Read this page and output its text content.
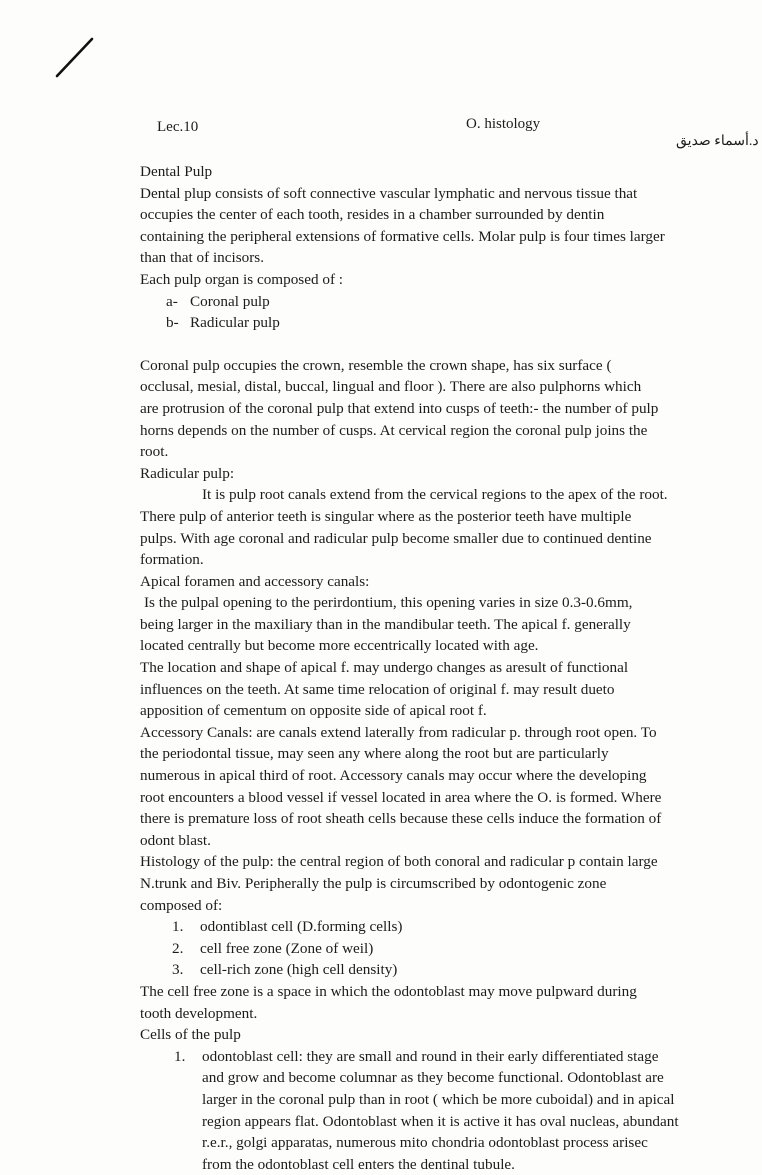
Lec.10	O. histology
د.أسماء صديق

Dental Pulp

Dental plup consists of soft connective vascular lymphatic and nervous tissue that

occupies the center of each tooth, resides in a chamber surrounded by dentin

containing the peripheral extensions of formative cells. Molar pulp is four times larger

than that of incisors.

Each pulp organ is composed of :

a- Coronal pulp
b- Radicular pulp

Coronal pulp occupies the crown, resemble the crown shape, has six surface (

occlusal, mesial, distal, buccal, lingual and floor ). There are also pulphorns which

are protrusion of the coronal pulp that extend into cusps of teeth:- the number of pulp

horns depends on the number of cusps. At cervical region the coronal pulp joins the

root.

Radicular pulp:

It is pulp root canals extend from the cervical regions to the apex of the root.

There pulp of anterior teeth is singular where as the posterior teeth have multiple

pulps. With age coronal and radicular pulp become smaller due to continued dentine

formation.

Apical foramen and accessory canals:

Is the pulpal opening to the perirdontium, this opening varies in size 0.3-0.6mm,

being larger in the maxiliary than in the mandibular teeth. The apical f. generally

located centrally but become more eccentrically located with age.

The location and shape of apical f. may undergo changes as aresult of functional

influences on the teeth. At same time relocation of original f. may result dueto

apposition of cementum on opposite side of apical root f.

Accessory Canals: are canals extend laterally from radicular p. through root open. To

the periodontal tissue, may seen any where along the root but are particularly

numerous in apical third of root. Accessory canals may occur where the developing

root encounters a blood vessel if vessel located in area where the O. is formed. Where

there is premature loss of root sheath cells because these cells induce the formation of

odont blast.

Histology of the pulp: the central region of both conoral and radicular p contain large

N.trunk and Biv. Peripherally the pulp is circumscribed by odontogenic zone

composed of:

1. odontiblast cell (D.forming cells)
2. cell free zone (Zone of weil)
3. cell-rich zone (high cell density)

The cell free zone is a space in which the odontoblast may move pulpward during

tooth development.

Cells of the pulp

1. odontoblast cell: they are small and round in their early differentiated stage
and grow and become columnar as they become functional. Odontoblast are
larger in the coronal pulp than in root ( which be more cuboidal) and in apical
region appears flat. Odontoblast when it is active it has oval nucleas, abundant
r.e.r., golgi apparatas, numerous mito chondria odontoblast process arisec
from the odontoblast cell enters the dentinal tubule.
